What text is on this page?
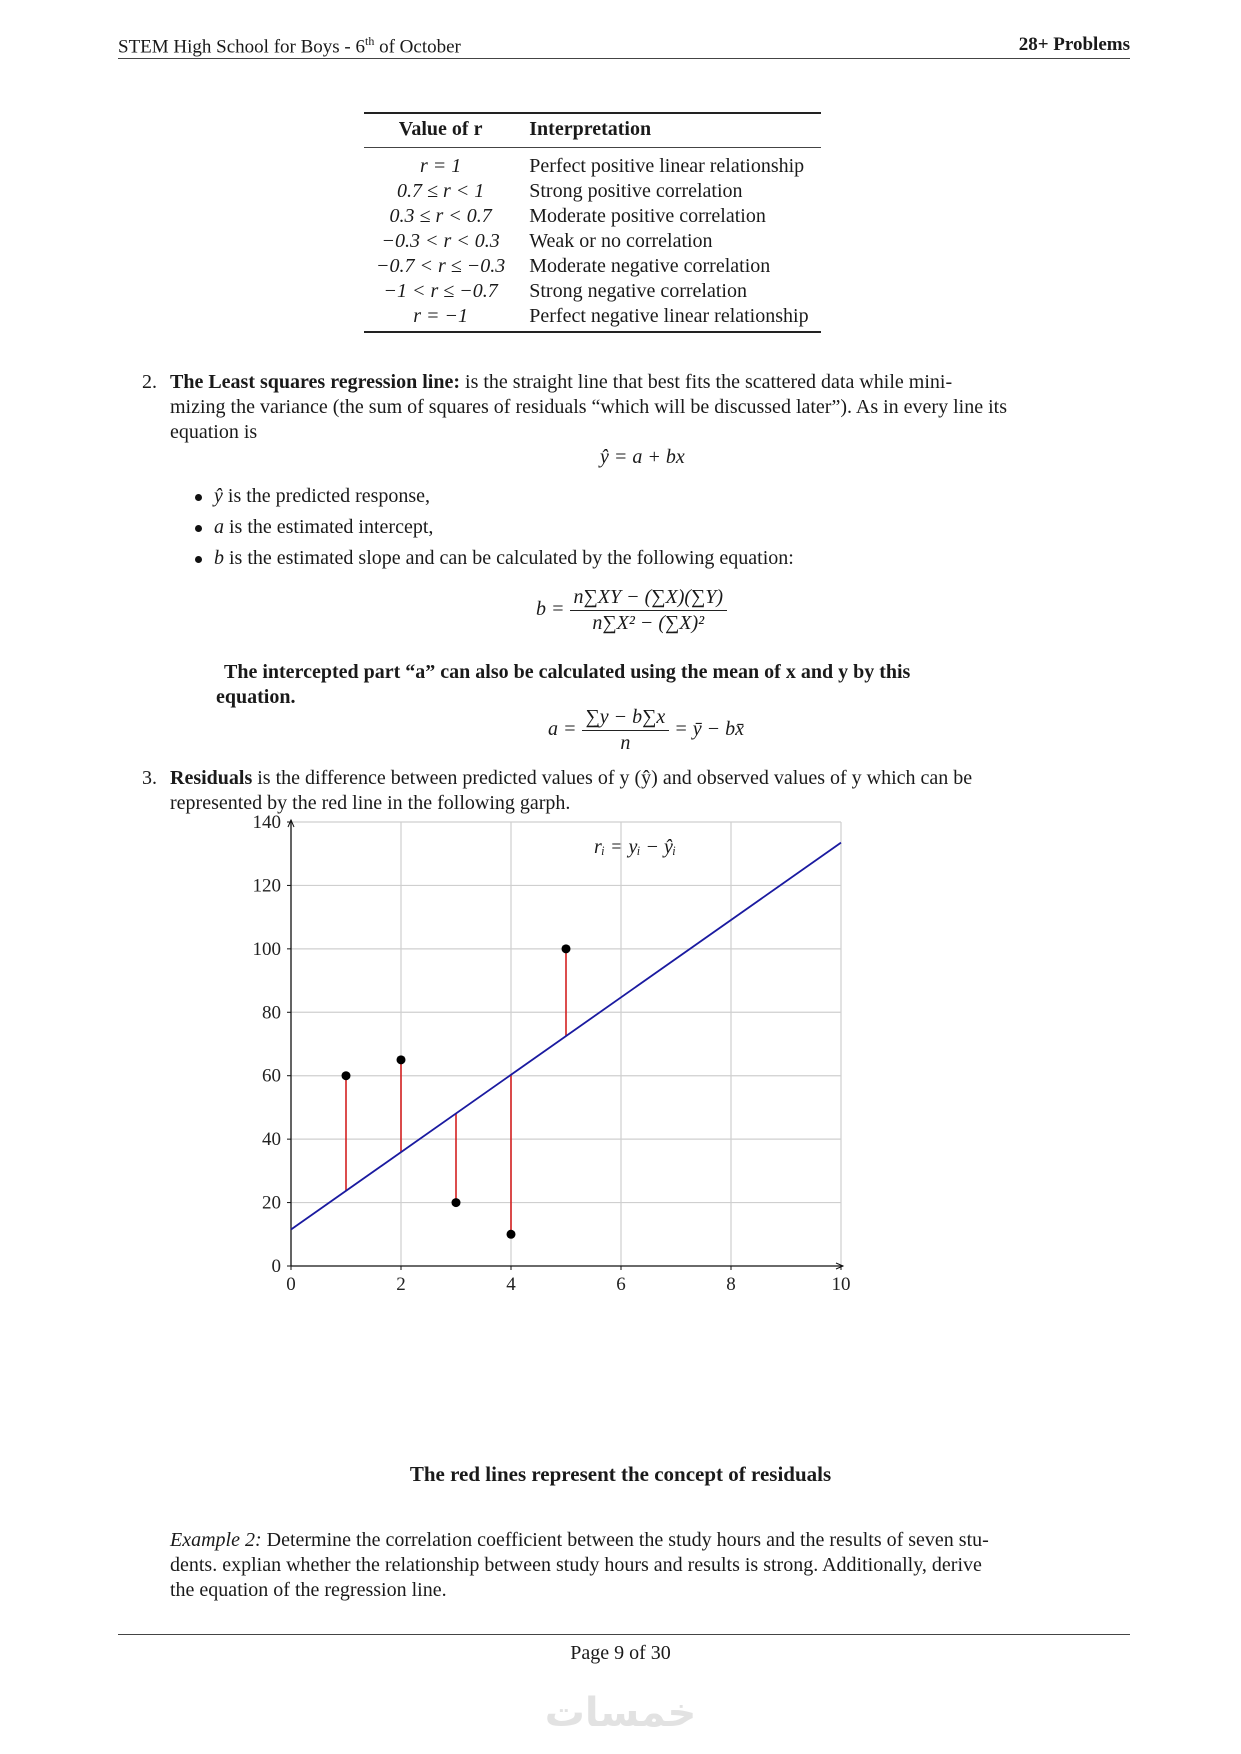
STEM High School for Boys - 6th of October	28+ Problems
Value of r	Interpretation
r = 1	Perfect positive linear relationship
0.7 ≤ r < 1	Strong positive correlation
0.3 ≤ r < 0.7	Moderate positive correlation
−0.3 < r < 0.3	Weak or no correlation
−0.7 < r ≤ −0.3	Moderate negative correlation
−1 < r ≤ −0.7	Strong negative correlation
r = −1	Perfect negative linear relationship
2. The Least squares regression line: is the straight line that best fits the scattered data while mini-
mizing the variance (the sum of squares of residuals “which will be discussed later”). As in every line its
equation is
ŷ = a + bx
ŷ is the predicted response,
a is the estimated intercept,
b is the estimated slope and can be calculated by the following equation:
$b = \frac{n\sum XY - (\sum X)(\sum Y)}{\text{n∑X² − (∑X)²}}$
The intercepted part “a” can also be calculated using the mean of x and y by this
equation.
$a = \frac{\sum y - b\sum x}{n}$ = ȳ − bx̄
3. Residuals is the difference between predicted values of y (ŷ) and observed values of y which can be
represented by the red line in the following garph.
rᵢ = yᵢ − ŷᵢ
0
20
40
60
80
100
120
140
0	2	4	6	8	10
The red lines represent the concept of residuals
Example 2: Determine the correlation coefficient between the study hours and the results of seven stu-
dents. explian whether the relationship between study hours and results is strong. Additionally, derive
the equation of the regression line.
Page 9 of 30
خمسات
